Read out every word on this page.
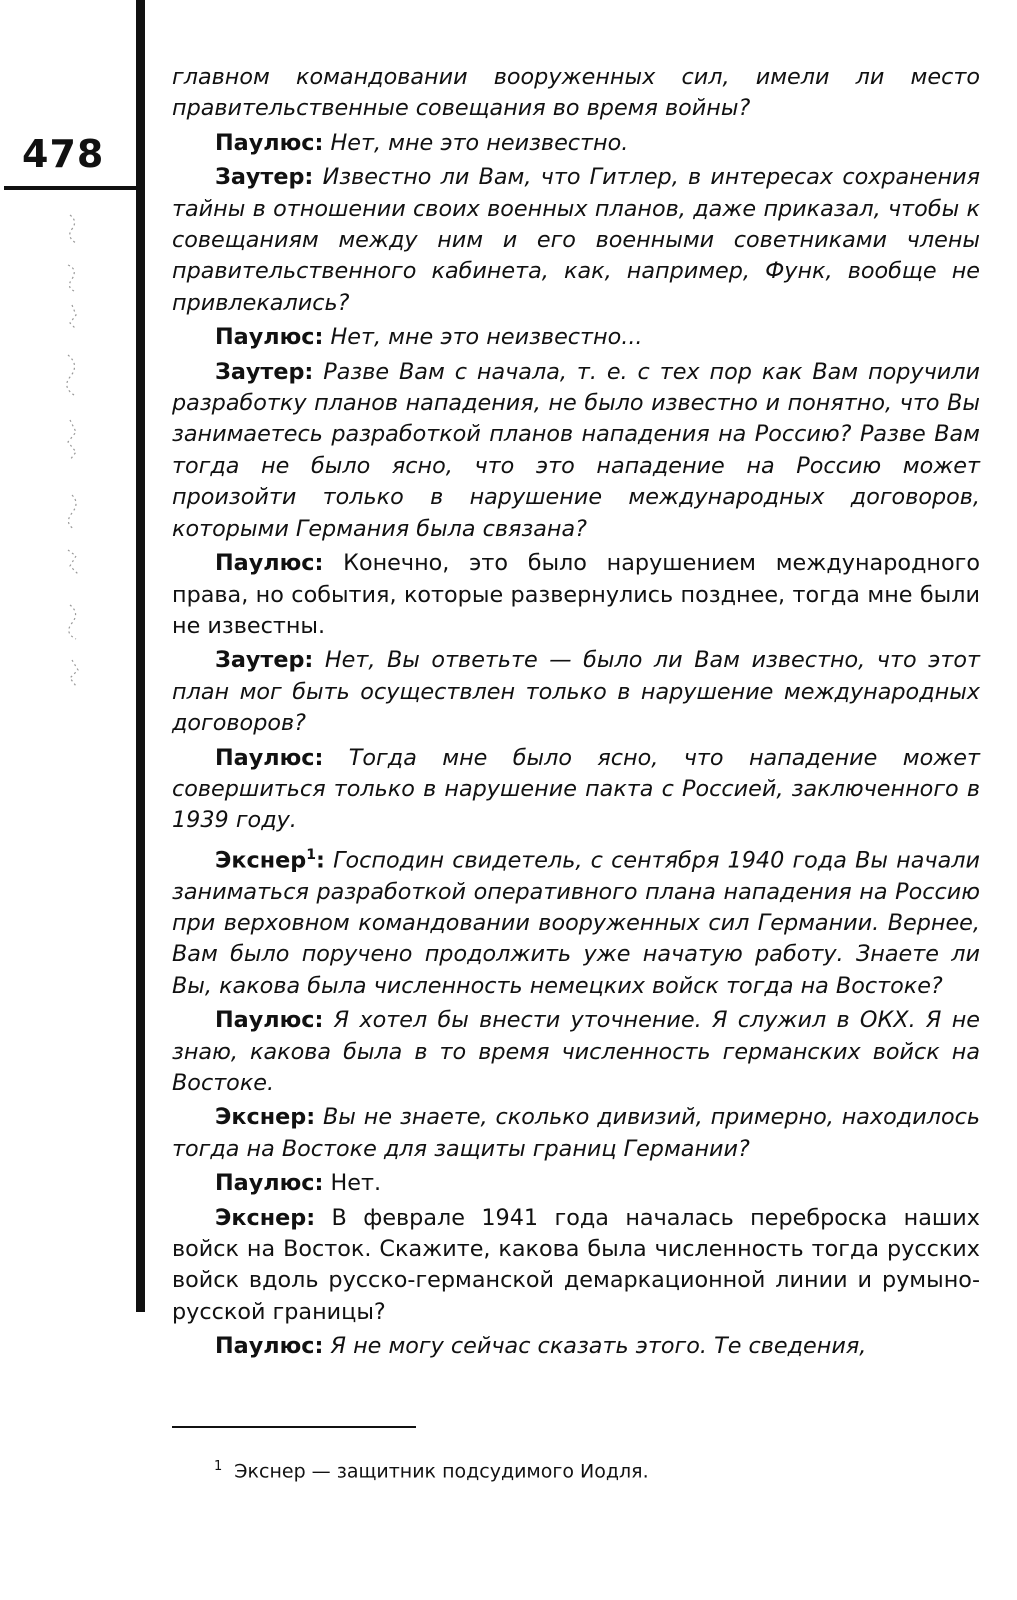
478

главном командовании вооруженных сил, имели ли место правительственные совещания во время войны?

Паулюс: Нет, мне это неизвестно.

Заутер: Известно ли Вам, что Гитлер, в интересах сохранения тайны в отношении своих военных планов, даже приказал, чтобы к совещаниям между ним и его военными советниками члены правительственного кабинета, как, например, Функ, вообще не привлекались?

Паулюс: Нет, мне это неизвестно...

Заутер: Разве Вам с начала, т. е. с тех пор как Вам поручили разработку планов нападения, не было известно и понятно, что Вы занимаетесь разработкой планов нападения на Россию? Разве Вам тогда не было ясно, что это нападение на Россию может произойти только в нарушение международных договоров, которыми Германия была связана?

Паулюс: Конечно, это было нарушением международного права, но события, которые развернулись позднее, тогда мне были не известны.

Заутер: Нет, Вы ответьте — было ли Вам известно, что этот план мог быть осуществлен только в нарушение международных договоров?

Паулюс: Тогда мне было ясно, что нападение может совершиться только в нарушение пакта с Россией, заключенного в 1939 году.

Экснер$^1$: Господин свидетель, с сентября 1940 года Вы начали заниматься разработкой оперативного плана нападения на Россию при верховном командовании вооруженных сил Германии. Вернее, Вам было поручено продолжить уже начатую работу. Знаете ли Вы, какова была численность немецких войск тогда на Востоке?

Паулюс: Я хотел бы внести уточнение. Я служил в ОКХ. Я не знаю, какова была в то время численность германских войск на Востоке.

Экснер: Вы не знаете, сколько дивизий, примерно, находилось тогда на Востоке для защиты границ Германии?

Паулюс: Нет.

Экснер: В феврале 1941 года началась переброска наших войск на Восток. Скажите, какова была численность тогда русских войск вдоль русско-германской демаркационной линии и румыно-русской границы?

Паулюс: Я не могу сейчас сказать этого. Те сведения,

$^1$ Экснер — защитник подсудимого Иодля.
